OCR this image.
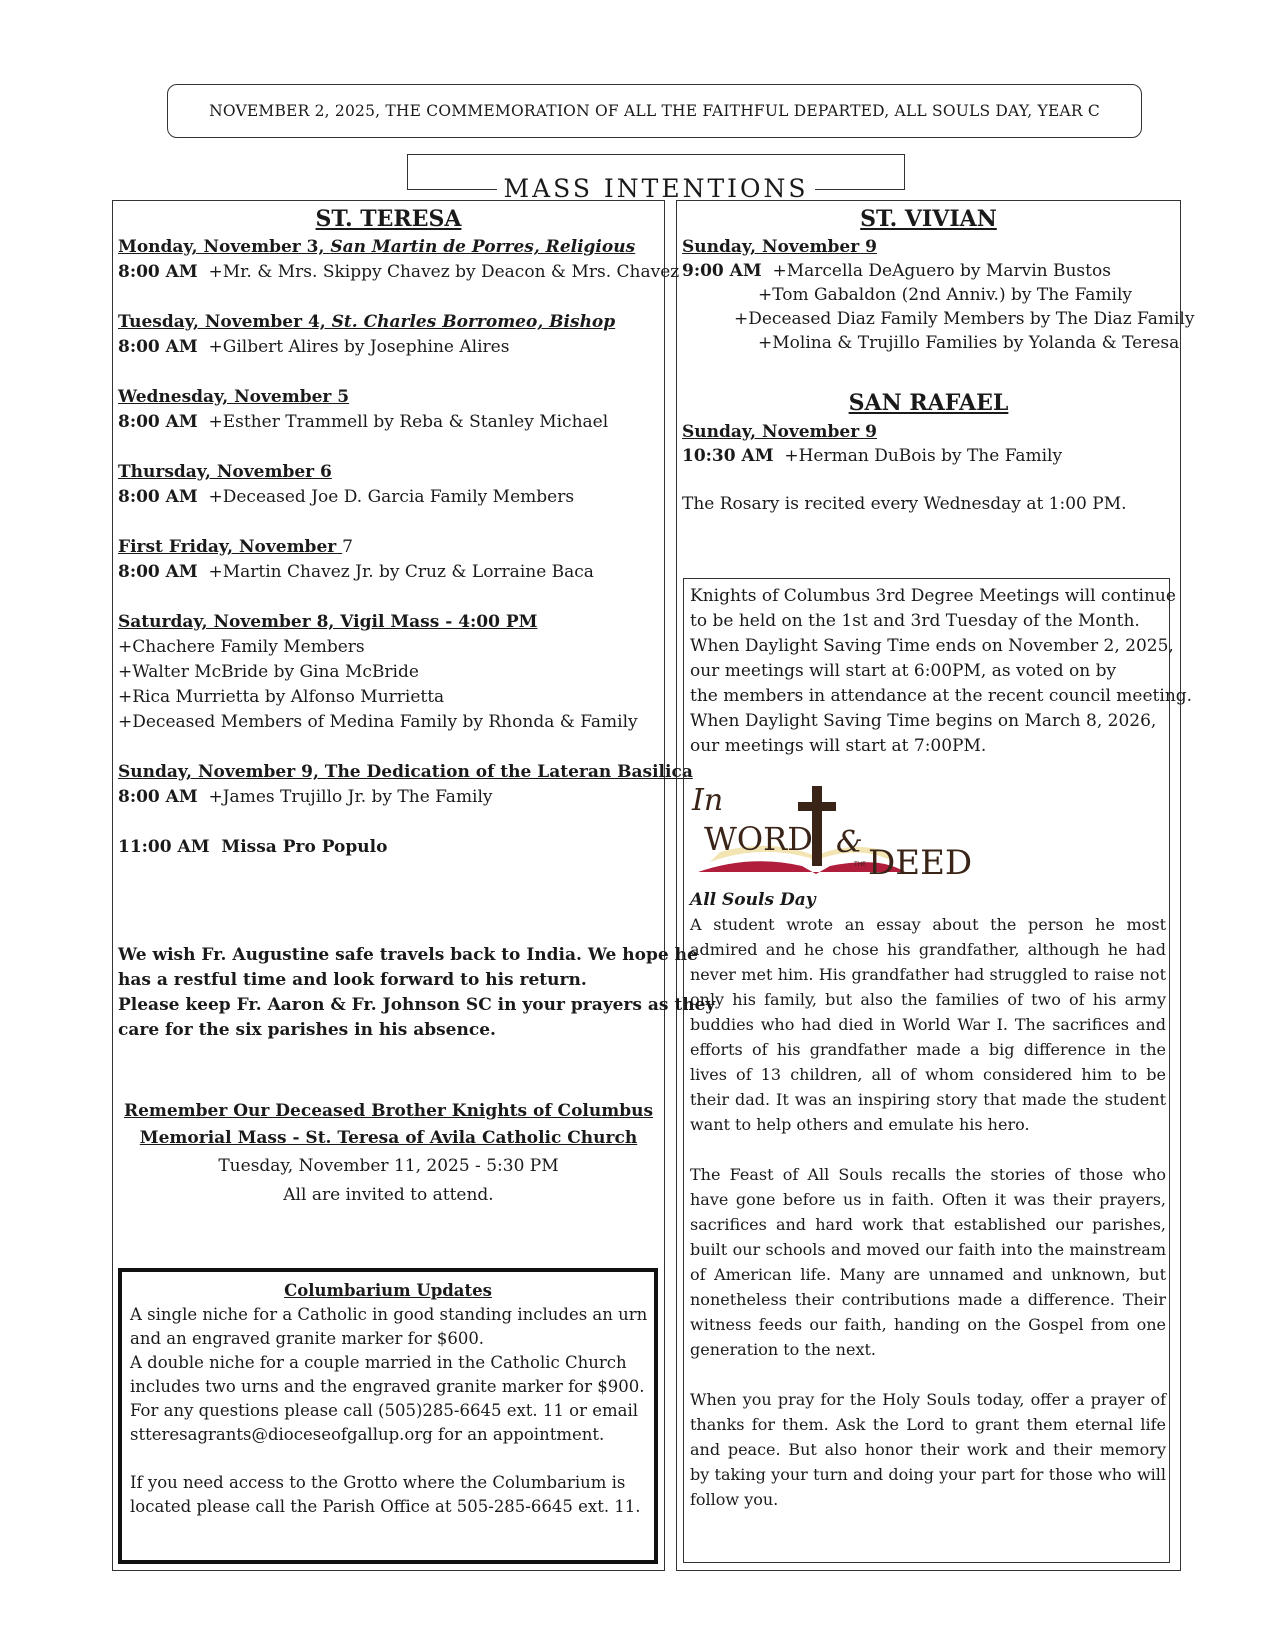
NOVEMBER 2, 2025, THE COMMEMORATION OF ALL THE FAITHFUL DEPARTED, ALL SOULS DAY, YEAR C
MASS INTENTIONS
ST. TERESA
Monday, November 3, San Martin de Porres, Religious
8:00 AM +Mr. & Mrs. Skippy Chavez by Deacon & Mrs. Chavez

Tuesday, November 4, St. Charles Borromeo, Bishop
8:00 AM +Gilbert Alires by Josephine Alires

Wednesday, November 5
8:00 AM +Esther Trammell by Reba & Stanley Michael

Thursday, November 6
8:00 AM +Deceased Joe D. Garcia Family Members

First Friday, November 7
8:00 AM +Martin Chavez Jr. by Cruz & Lorraine Baca

Saturday, November 8, Vigil Mass - 4:00 PM
+Chachere Family Members
+Walter McBride by Gina McBride
+Rica Murrietta by Alfonso Murrietta
+Deceased Members of Medina Family by Rhonda & Family

Sunday, November 9, The Dedication of the Lateran Basilica
8:00 AM +James Trujillo Jr. by The Family

11:00 AM Missa Pro Populo
We wish Fr. Augustine safe travels back to India. We hope he
has a restful time and look forward to his return.
Please keep Fr. Aaron & Fr. Johnson SC in your prayers as they
care for the six parishes in his absence.
Remember Our Deceased Brother Knights of Columbus
Memorial Mass - St. Teresa of Avila Catholic Church
Tuesday, November 11, 2025 - 5:30 PM
All are invited to attend.
Columbarium Updates
A single niche for a Catholic in good standing includes an urn
and an engraved granite marker for $600.
A double niche for a couple married in the Catholic Church
includes two urns and the engraved granite marker for $900.
For any questions please call (505)285-6645 ext. 11 or email
stteresagrants@dioceseofgallup.org for an appointment.

If you need access to the Grotto where the Columbarium is
located please call the Parish Office at 505-285-6645 ext. 11.
ST. VIVIAN
Sunday, November 9
9:00 AM +Marcella DeAguero by Marvin Bustos
+Tom Gabaldon (2nd Anniv.) by The Family
+Deceased Diaz Family Members by The Diaz Family
+Molina & Trujillo Families by Yolanda & Teresa
SAN RAFAEL
Sunday, November 9
10:30 AM +Herman DuBois by The Family

The Rosary is recited every Wednesday at 1:00 PM.
Knights of Columbus 3rd Degree Meetings will continue
to be held on the 1st and 3rd Tuesday of the Month.
When Daylight Saving Time ends on November 2, 2025,
our meetings will start at 6:00PM, as voted on by
the members in attendance at the recent council meeting.
When Daylight Saving Time begins on March 8, 2026,
our meetings will start at 7:00PM.
In
WORD &
THE DEED
All Souls Day
A student wrote an essay about the person he most admired and he chose his grandfather, although he had never met him. His grandfather had struggled to raise not only his family, but also the families of two of his army buddies who had died in World War I. The sacrifices and efforts of his grandfather made a big difference in the lives of 13 children, all of whom considered him to be their dad. It was an inspiring story that made the student want to help others and emulate his hero.

The Feast of All Souls recalls the stories of those who have gone before us in faith. Often it was their prayers, sacrifices and hard work that established our parishes, built our schools and moved our faith into the mainstream of American life. Many are unnamed and unknown, but nonetheless their contributions made a difference. Their witness feeds our faith, handing on the Gospel from one generation to the next.

When you pray for the Holy Souls today, offer a prayer of thanks for them. Ask the Lord to grant them eternal life and peace. But also honor their work and their memory by taking your turn and doing your part for those who will follow you.
